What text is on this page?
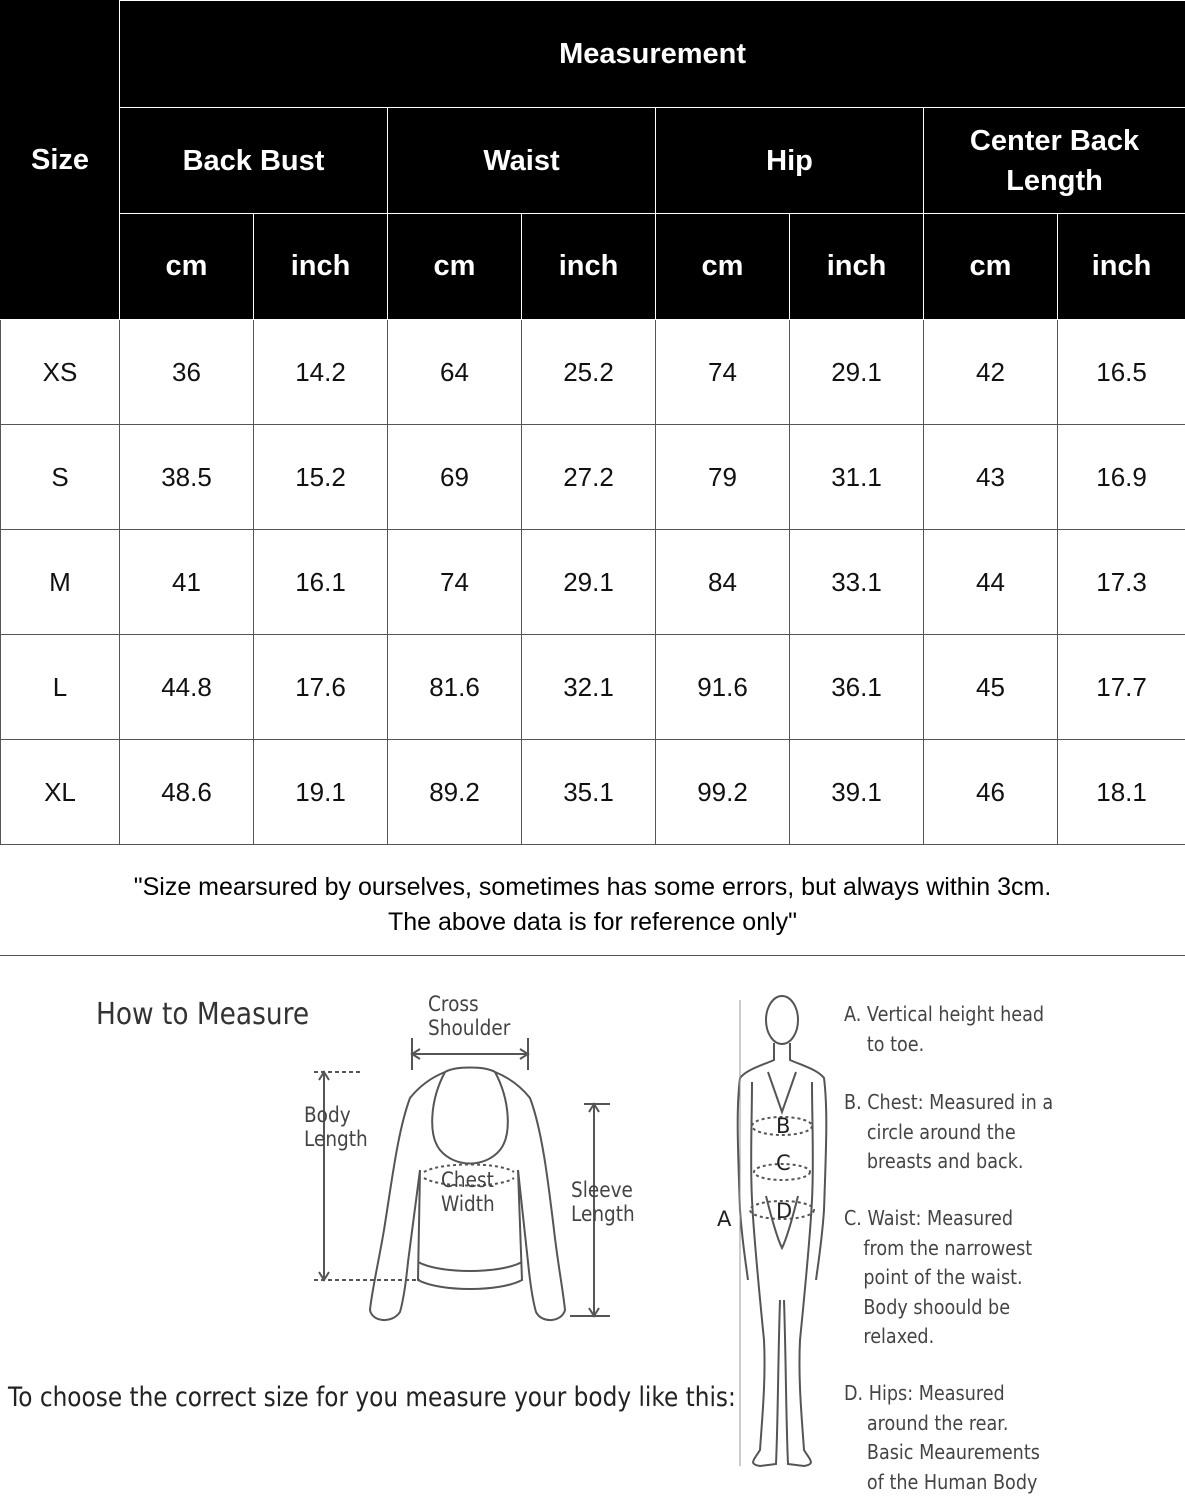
Size	Measurement							
	Back Bust		Waist		Hip		Center Back Length	
	cm	inch	cm	inch	cm	inch	cm	inch
XS	36	14.2	64	25.2	74	29.1	42	16.5
S	38.5	15.2	69	27.2	79	31.1	43	16.9
M	41	16.1	74	29.1	84	33.1	44	17.3
L	44.8	17.6	81.6	32.1	91.6	36.1	45	17.7
XL	48.6	19.1	89.2	35.1	99.2	39.1	46	18.1
"Size mearsured by ourselves, sometimes has some errors, but always within 3cm.
The above data is for reference only"
How to Measure	Cross
Shoulder
Body
Length
Chest
Width
Sleeve
Length
B
C
D
A
A. Vertical height head
to toe.
B. Chest: Measured in a
circle around the
breasts and back.
C. Waist: Measured
from the narrowest
point of the waist.
Body shoould be
relaxed.
D. Hips: Measured
around the rear.
Basic Meaurements
of the Human Body
To choose the correct size for you measure your body like this:
